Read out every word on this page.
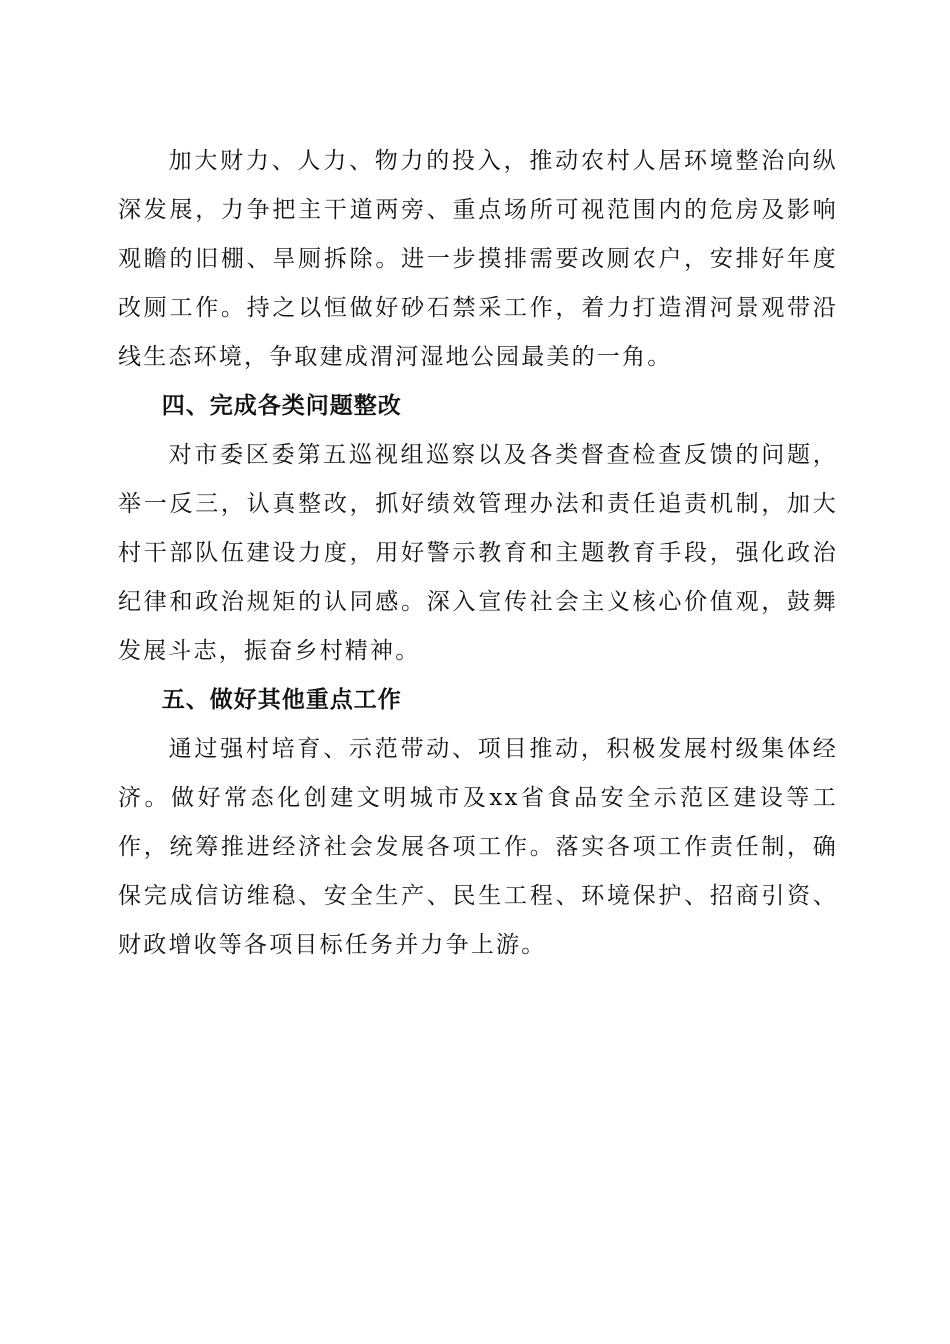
加大财力、人力、物力的投入，推动农村人居环境整治向纵深发展，力争把主干道两旁、重点场所可视范围内的危房及影响观瞻的旧棚、旱厕拆除。进一步摸排需要改厕农户，安排好年度改厕工作。持之以恒做好砂石禁采工作，着力打造渭河景观带沿线生态环境，争取建成渭河湿地公园最美的一角。

四、完成各类问题整改

对市委区委第五巡视组巡察以及各类督查检查反馈的问题，举一反三，认真整改，抓好绩效管理办法和责任追责机制，加大村干部队伍建设力度，用好警示教育和主题教育手段，强化政治纪律和政治规矩的认同感。深入宣传社会主义核心价值观，鼓舞发展斗志，振奋乡村精神。

五、做好其他重点工作

通过强村培育、示范带动、项目推动，积极发展村级集体经济。做好常态化创建文明城市及xx省食品安全示范区建设等工作，统筹推进经济社会发展各项工作。落实各项工作责任制，确保完成信访维稳、安全生产、民生工程、环境保护、招商引资、财政增收等各项目标任务并力争上游。
